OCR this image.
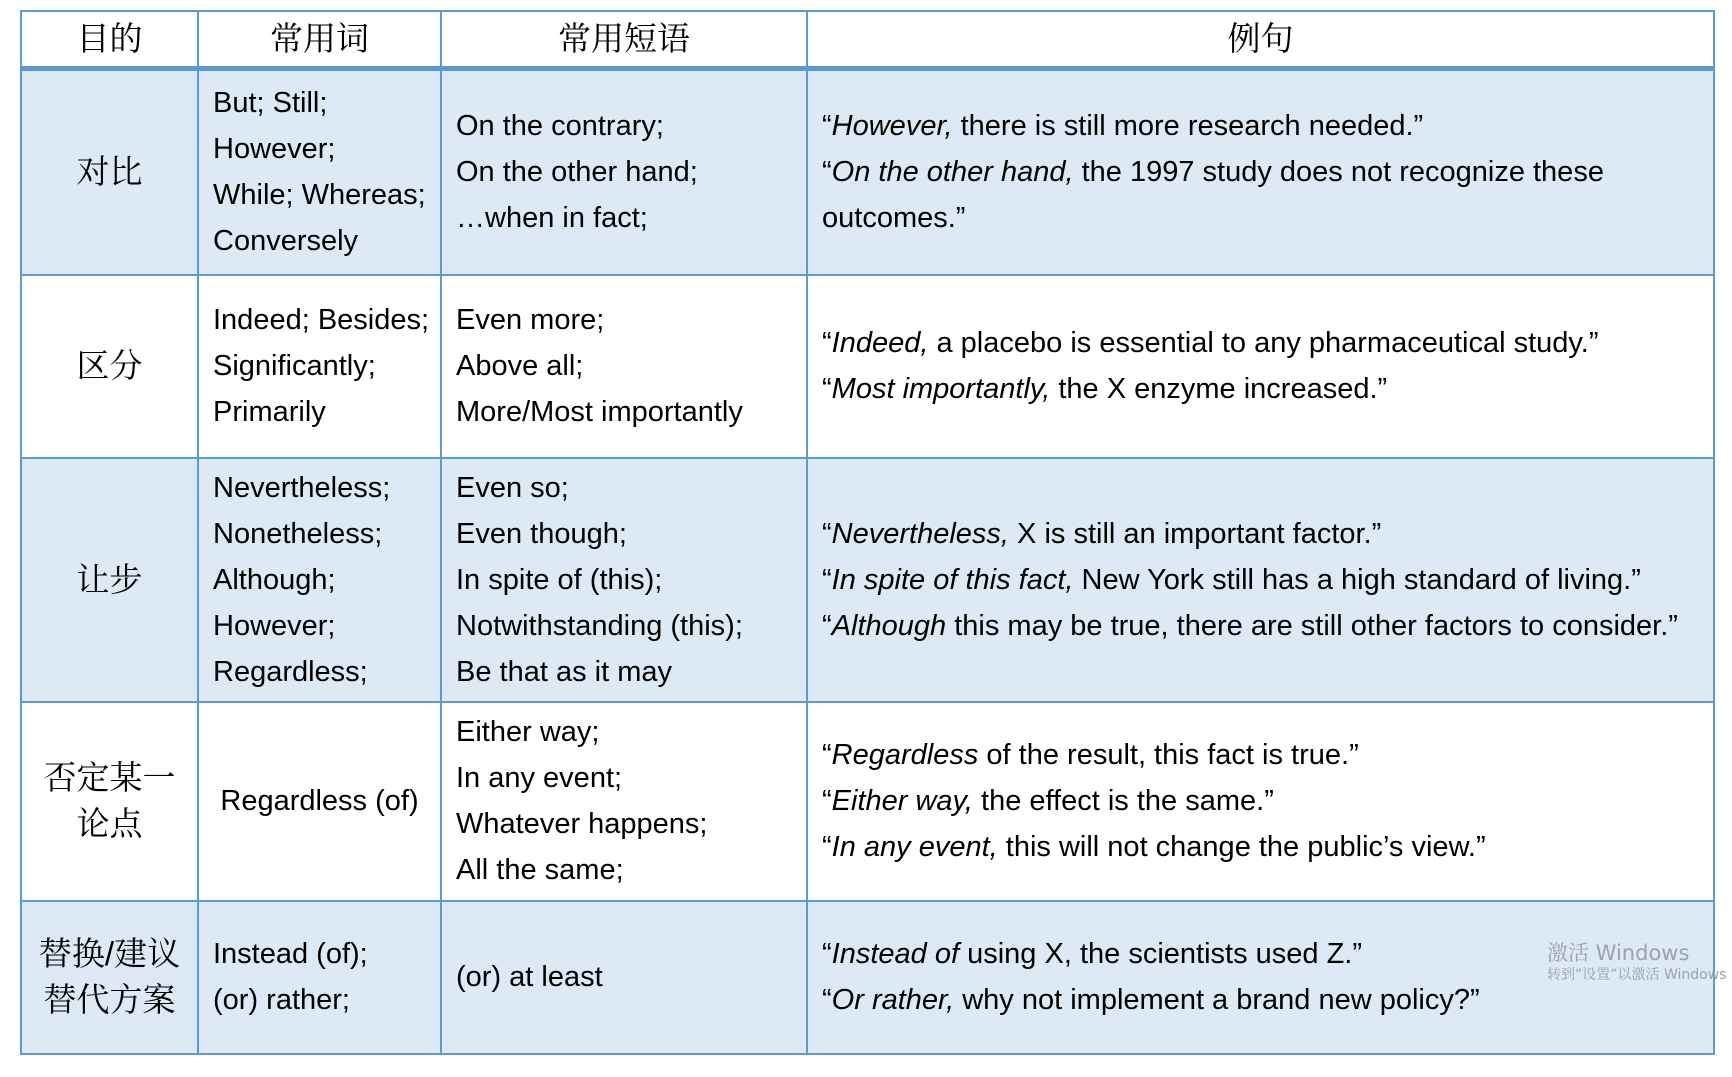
目的	常用词	常用短语	例句

对比	But; Still;
However;
While; Whereas;
Conversely	On the contrary;
On the other hand;
…when in fact;	“However, there is still more research needed.”
“On the other hand, the 1997 study does not recognize these outcomes.”

区分	Indeed; Besides;
Significantly;
Primarily	Even more;
Above all;
More/Most importantly	“Indeed, a placebo is essential to any pharmaceutical study.”
“Most importantly, the X enzyme increased.”

让步	Nevertheless;
Nonetheless;
Although;
However;
Regardless;	Even so;
Even though;
In spite of (this);
Notwithstanding (this);
Be that as it may	“Nevertheless, X is still an important factor.”
“In spite of this fact, New York still has a high standard of living.”
“Although this may be true, there are still other factors to consider.”

否定某一
论点	Regardless (of)	Either way;
In any event;
Whatever happens;
All the same;	“Regardless of the result, this fact is true.”
“Either way, the effect is the same.”
“In any event, this will not change the public’s view.”

替换/建议
替代方案	Instead (of);
(or) rather;	(or) at least	“Instead of using X, the scientists used Z.”
“Or rather, why not implement a brand new policy?”
激活 Windows
转到“设置”以激活 Windows
